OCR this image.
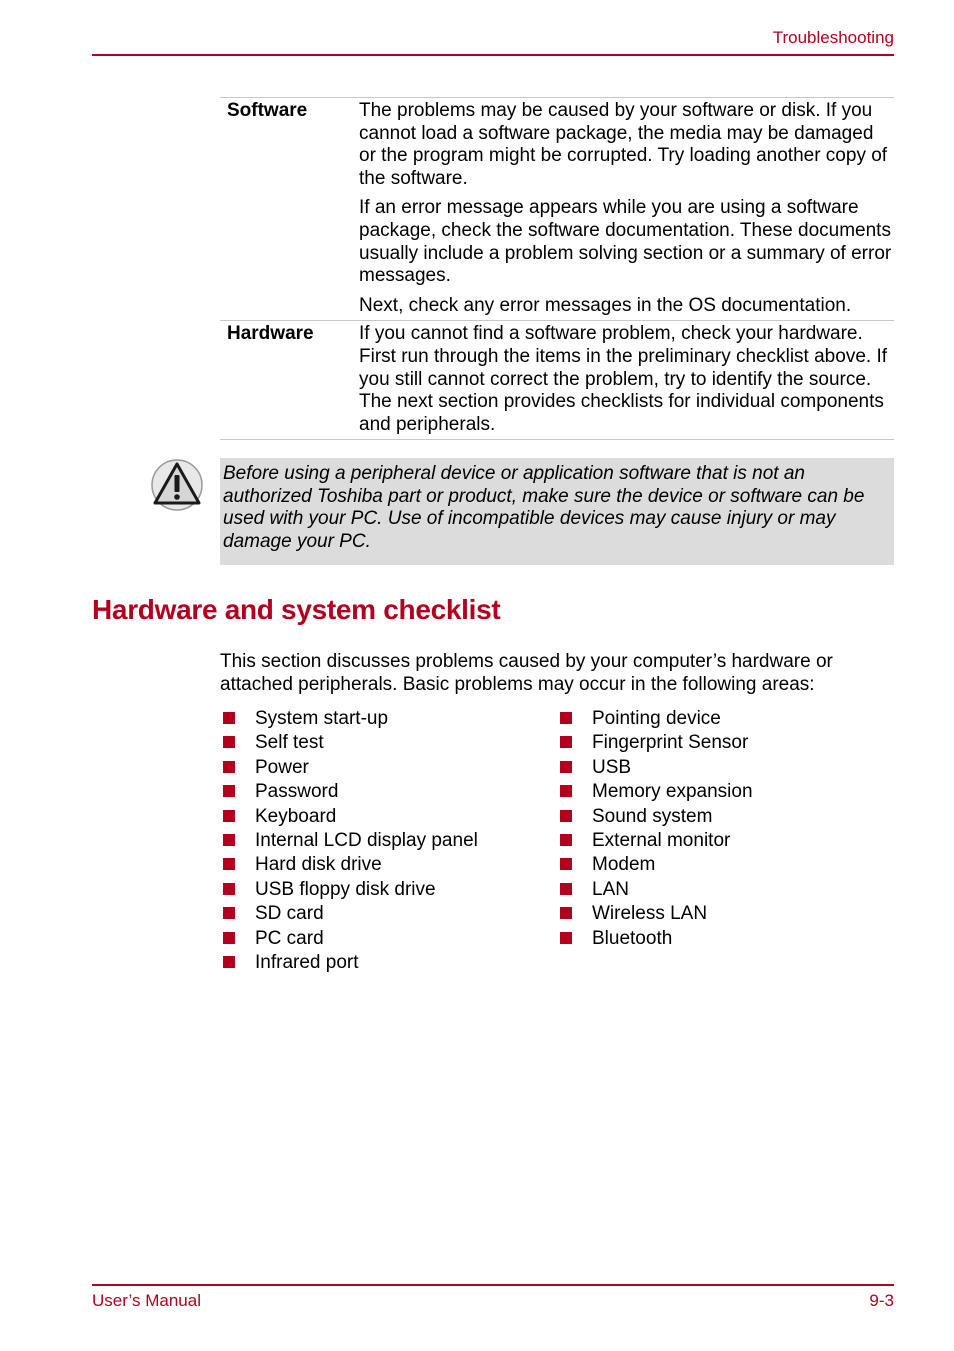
Troubleshooting
Software	The problems may be caused by your software or disk. If you cannot load a software package, the media may be damaged or the program might be corrupted. Try loading another copy of the software.

If an error message appears while you are using a software package, check the software documentation. These documents usually include a problem solving section or a summary of error messages.

Next, check any error messages in the OS documentation.

Hardware	If you cannot find a software problem, check your hardware. First run through the items in the preliminary checklist above. If you still cannot correct the problem, try to identify the source. The next section provides checklists for individual components and peripherals.

Before using a peripheral device or application software that is not an authorized Toshiba part or product, make sure the device or software can be used with your PC. Use of incompatible devices may cause injury or may damage your PC.
Hardware and system checklist

This section discusses problems caused by your computer’s hardware or attached peripherals. Basic problems may occur in the following areas:

System start-up
Self test
Power
Password
Keyboard
Internal LCD display panel
Hard disk drive
USB floppy disk drive
SD card
PC card
Infrared port
Pointing device
Fingerprint Sensor
USB
Memory expansion
Sound system
External monitor
Modem
LAN
Wireless LAN
Bluetooth
User’s Manual	9-3
